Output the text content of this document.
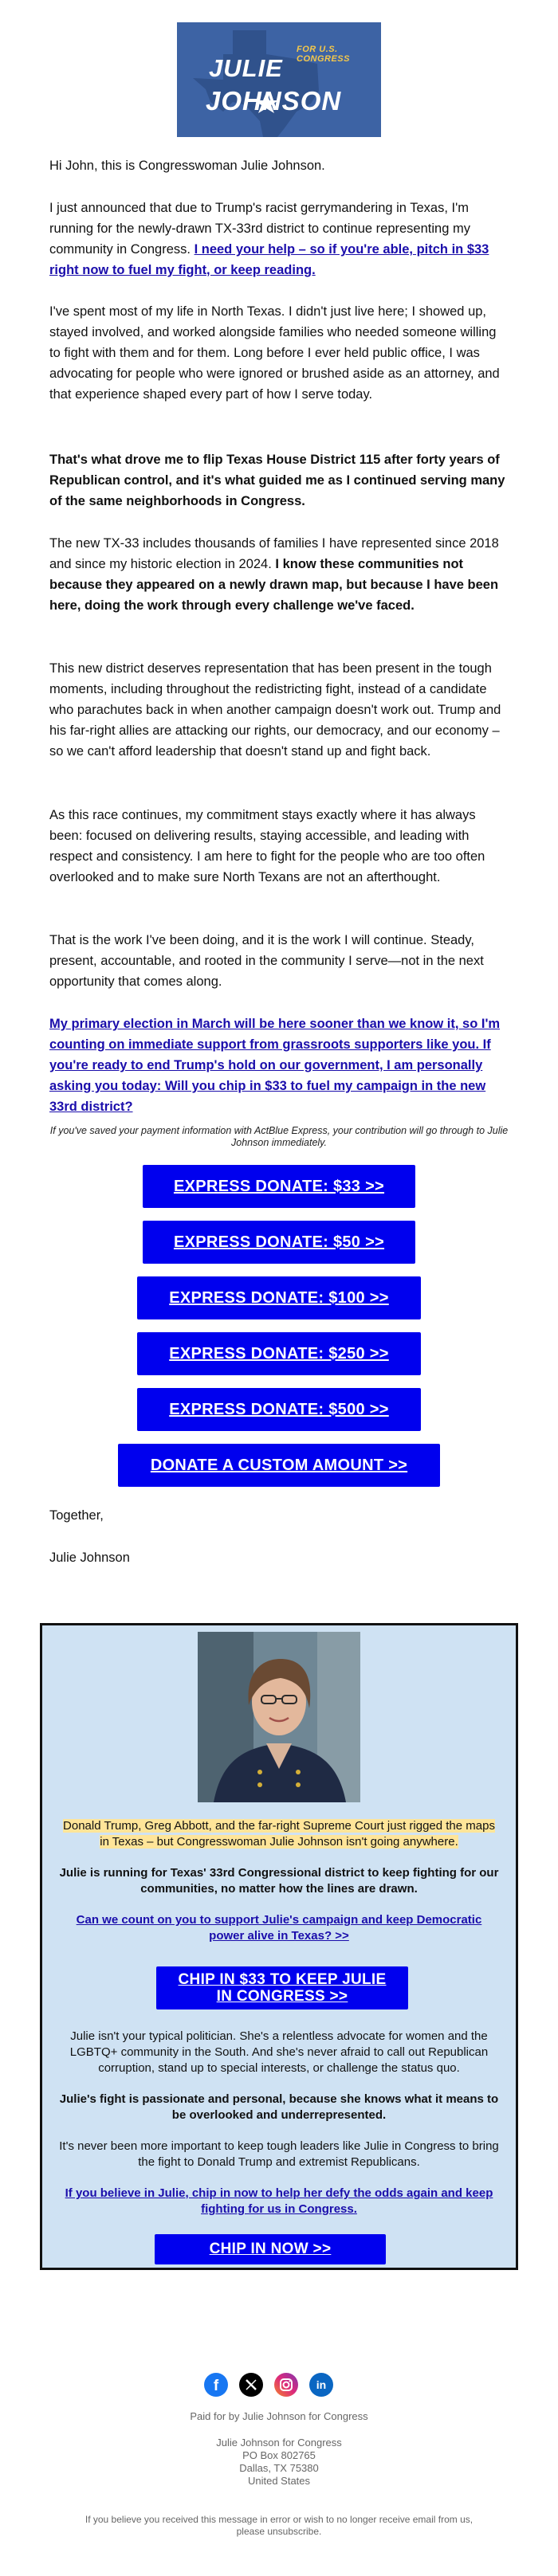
JULIE
JOHNSON
FOR U.S.
CONGRESS

Hi John, this is Congresswoman Julie Johnson.

I just announced that due to Trump's racist gerrymandering in Texas, I'm running for the newly-drawn TX-33rd district to continue representing my community in Congress. I need your help – so if you're able, pitch in $33 right now to fuel my fight, or keep reading.

I've spent most of my life in North Texas. I didn't just live here; I showed up, stayed involved, and worked alongside families who needed someone willing to fight with them and for them. Long before I ever held public office, I was advocating for people who were ignored or brushed aside as an attorney, and that experience shaped every part of how I serve today.

That's what drove me to flip Texas House District 115 after forty years of Republican control, and it's what guided me as I continued serving many of the same neighborhoods in Congress.

The new TX-33 includes thousands of families I have represented since 2018 and since my historic election in 2024. I know these communities not because they appeared on a newly drawn map, but because I have been here, doing the work through every challenge we've faced.

This new district deserves representation that has been present in the tough moments, including throughout the redistricting fight, instead of a candidate who parachutes back in when another campaign doesn't work out. Trump and his far-right allies are attacking our rights, our democracy, and our economy – so we can't afford leadership that doesn't stand up and fight back.

As this race continues, my commitment stays exactly where it has always been: focused on delivering results, staying accessible, and leading with respect and consistency. I am here to fight for the people who are too often overlooked and to make sure North Texans are not an afterthought.

That is the work I've been doing, and it is the work I will continue. Steady, present, accountable, and rooted in the community I serve—not in the next opportunity that comes along.

My primary election in March will be here sooner than we know it, so I'm counting on immediate support from grassroots supporters like you. If you're ready to end Trump's hold on our government, I am personally asking you today: Will you chip in $33 to fuel my campaign in the new 33rd district?

If you've saved your payment information with ActBlue Express, your contribution will go through to Julie Johnson immediately.
EXPRESS DONATE: $33 >>
EXPRESS DONATE: $50 >>
EXPRESS DONATE: $100 >>
EXPRESS DONATE: $250 >>
EXPRESS DONATE: $500 >>
DONATE A CUSTOM AMOUNT >>

Together,

Julie Johnson

Donald Trump, Greg Abbott, and the far-right Supreme Court just rigged the maps in Texas – but Congresswoman Julie Johnson isn't going anywhere.
Julie is running for Texas' 33rd Congressional district to keep fighting for our communities, no matter how the lines are drawn.
Can we count on you to support Julie's campaign and keep Democratic power alive in Texas? >>
CHIP IN $33 TO KEEP JULIE IN CONGRESS >>
Julie isn't your typical politician. She's a relentless advocate for women and the LGBTQ+ community in the South. And she's never afraid to call out Republican corruption, stand up to special interests, or challenge the status quo.
Julie's fight is passionate and personal, because she knows what it means to be overlooked and underrepresented.
It's never been more important to keep tough leaders like Julie in Congress to bring the fight to Donald Trump and extremist Republicans.
If you believe in Julie, chip in now to help her defy the odds again and keep fighting for us in Congress.
CHIP IN NOW >>
f	in
Paid for by Julie Johnson for Congress
Julie Johnson for Congress
PO Box 802765
Dallas, TX 75380
United States
If you believe you received this message in error or wish to no longer receive email from us, please unsubscribe.
